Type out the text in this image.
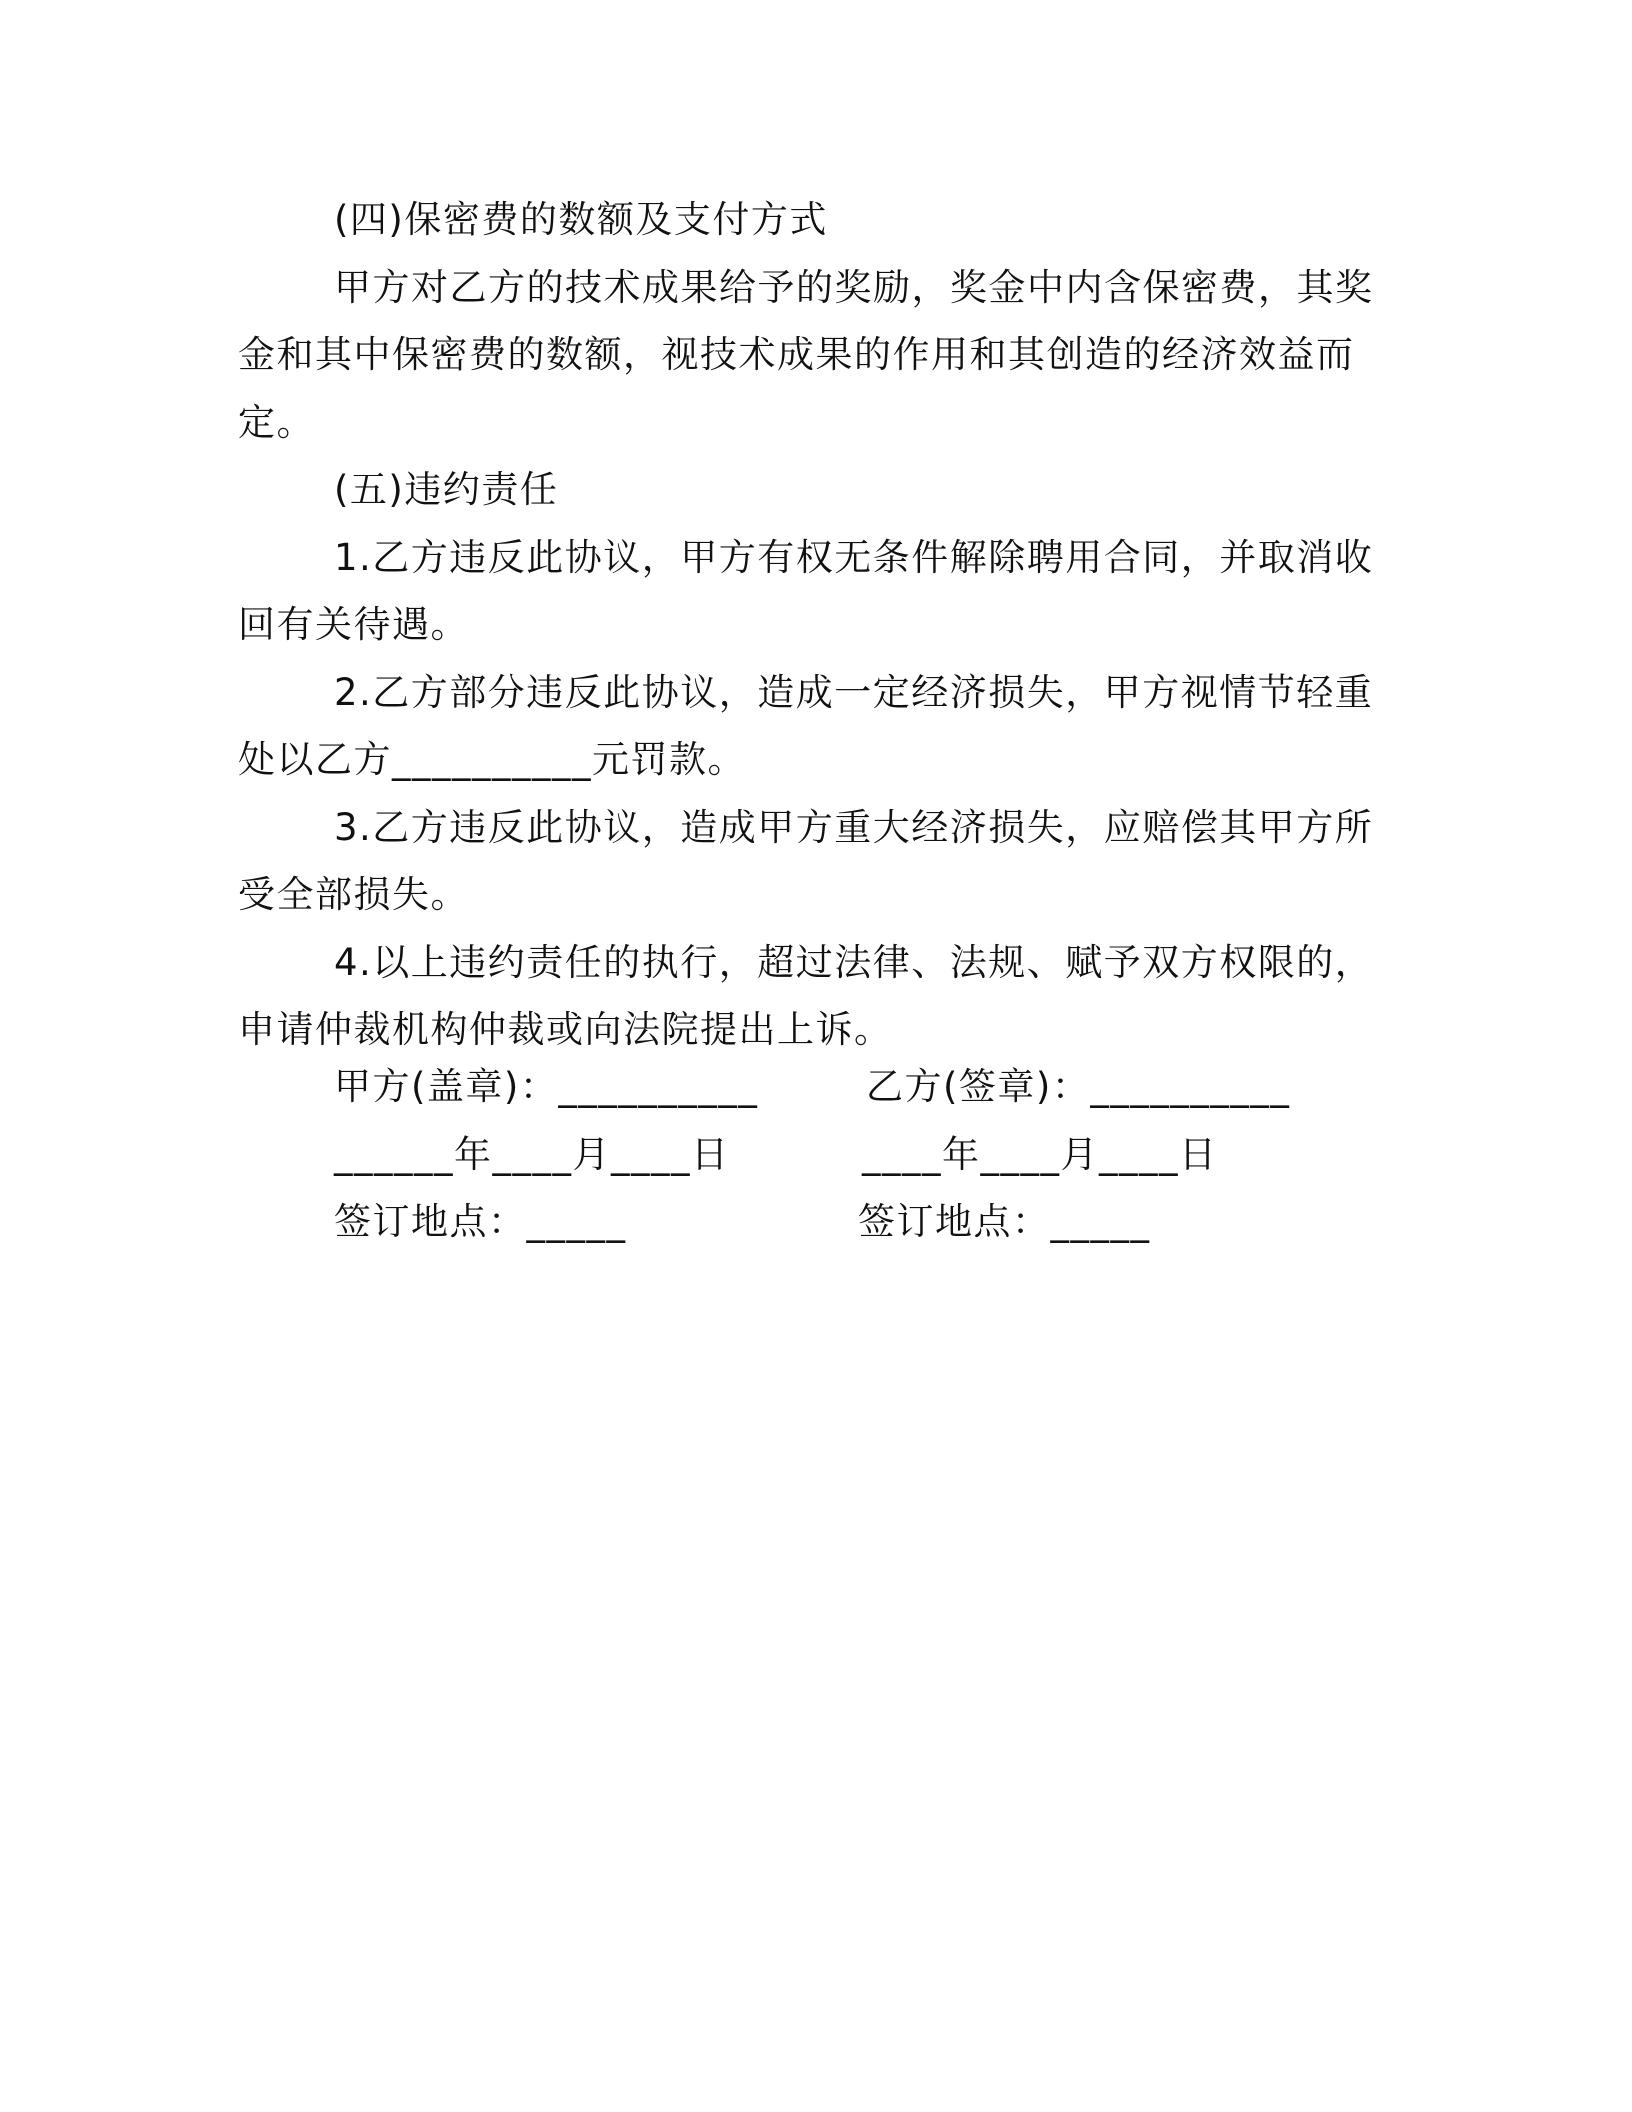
(四)保密费的数额及支付方式

甲方对乙方的技术成果给予的奖励，奖金中内含保密费，其奖金和其中保密费的数额，视技术成果的作用和其创造的经济效益而定。

(五)违约责任

1.乙方违反此协议，甲方有权无条件解除聘用合同，并取消收回有关待遇。

2.乙方部分违反此协议，造成一定经济损失，甲方视情节轻重处以乙方__________元罚款。

3.乙方违反此协议，造成甲方重大经济损失，应赔偿其甲方所受全部损失。

4.以上违约责任的执行，超过法律、法规、赋予双方权限的，申请仲裁机构仲裁或向法院提出上诉。

甲方(盖章)：__________
______年____月____日
签订地点：_____
乙方(签章)：__________
____年____月____日
签订地点：_____
